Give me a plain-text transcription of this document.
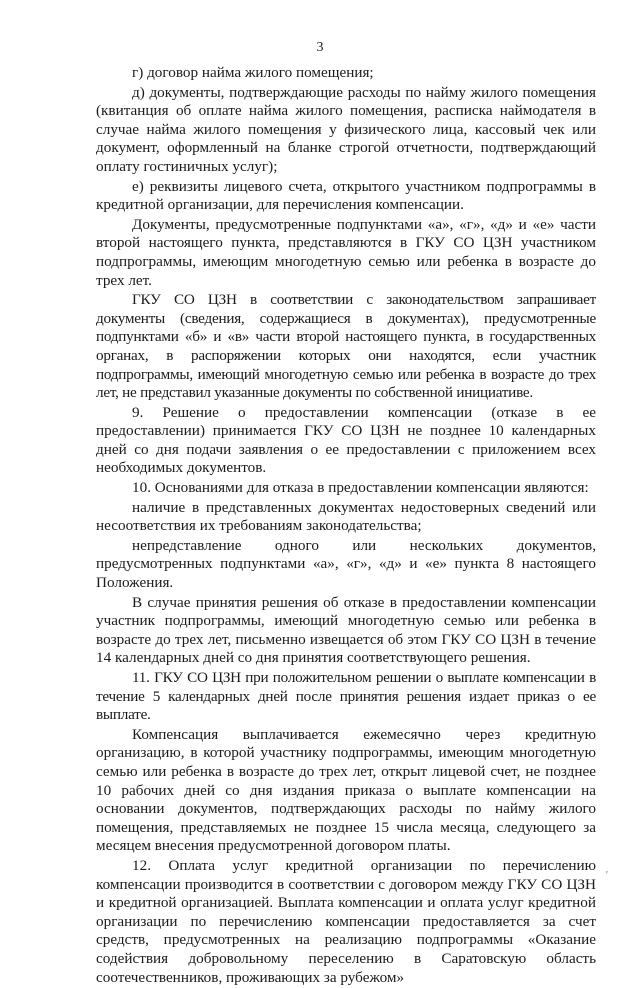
3

г) договор найма жилого помещения;

д) документы, подтверждающие расходы по найму жилого помещения (квитанция об оплате найма жилого помещения, расписка наймодателя в случае найма жилого помещения у физического лица, кассовый чек или документ, оформленный на бланке строгой отчетности, подтверждающий оплату гостиничных услуг);

е) реквизиты лицевого счета, открытого участником подпрограммы в кредитной организации, для перечисления компенсации.

Документы, предусмотренные подпунктами «а», «г», «д» и «е» части второй настоящего пункта, представляются в ГКУ СО ЦЗН участником подпрограммы, имеющим многодетную семью или ребенка в возрасте до трех лет.

ГКУ СО ЦЗН в соответствии с законодательством запрашивает документы (сведения, содержащиеся в документах), предусмотренные подпунктами «б» и «в» части второй настоящего пункта, в государственных органах, в распоряжении которых они находятся, если участник подпрограммы, имеющий многодетную семью или ребенка в возрасте до трех лет, не представил указанные документы по собственной инициативе.

9. Решение о предоставлении компенсации (отказе в ее предоставлении) принимается ГКУ СО ЦЗН не позднее 10 календарных дней со дня подачи заявления о ее предоставлении с приложением всех необходимых документов.

10. Основаниями для отказа в предоставлении компенсации являются:

наличие в представленных документах недостоверных сведений или несоответствия их требованиям законодательства;

непредставление одного или нескольких документов, предусмотренных подпунктами «а», «г», «д» и «е» пункта 8 настоящего Положения.

В случае принятия решения об отказе в предоставлении компенсации участник подпрограммы, имеющий многодетную семью или ребенка в возрасте до трех лет, письменно извещается об этом ГКУ СО ЦЗН в течение 14 календарных дней со дня принятия соответствующего решения.

11. ГКУ СО ЦЗН при положительном решении о выплате компенсации в течение 5 календарных дней после принятия решения издает приказ о ее выплате.

Компенсация выплачивается ежемесячно через кредитную организацию, в которой участнику подпрограммы, имеющим многодетную семью или ребенка в возрасте до трех лет, открыт лицевой счет, не позднее 10 рабочих дней со дня издания приказа о выплате компенсации на основании документов, подтверждающих расходы по найму жилого помещения, представляемых не позднее 15 числа месяца, следующего за месяцем внесения предусмотренной договором платы.

12. Оплата услуг кредитной организации по перечислению компенсации производится в соответствии с договором между ГКУ СО ЦЗН и кредитной организацией. Выплата компенсации и оплата услуг кредитной организации по перечислению компенсации предоставляется за счет средств, предусмотренных на реализацию подпрограммы «Оказание содействия добровольному переселению в Саратовскую область соотечественников, проживающих за рубежом»

'
